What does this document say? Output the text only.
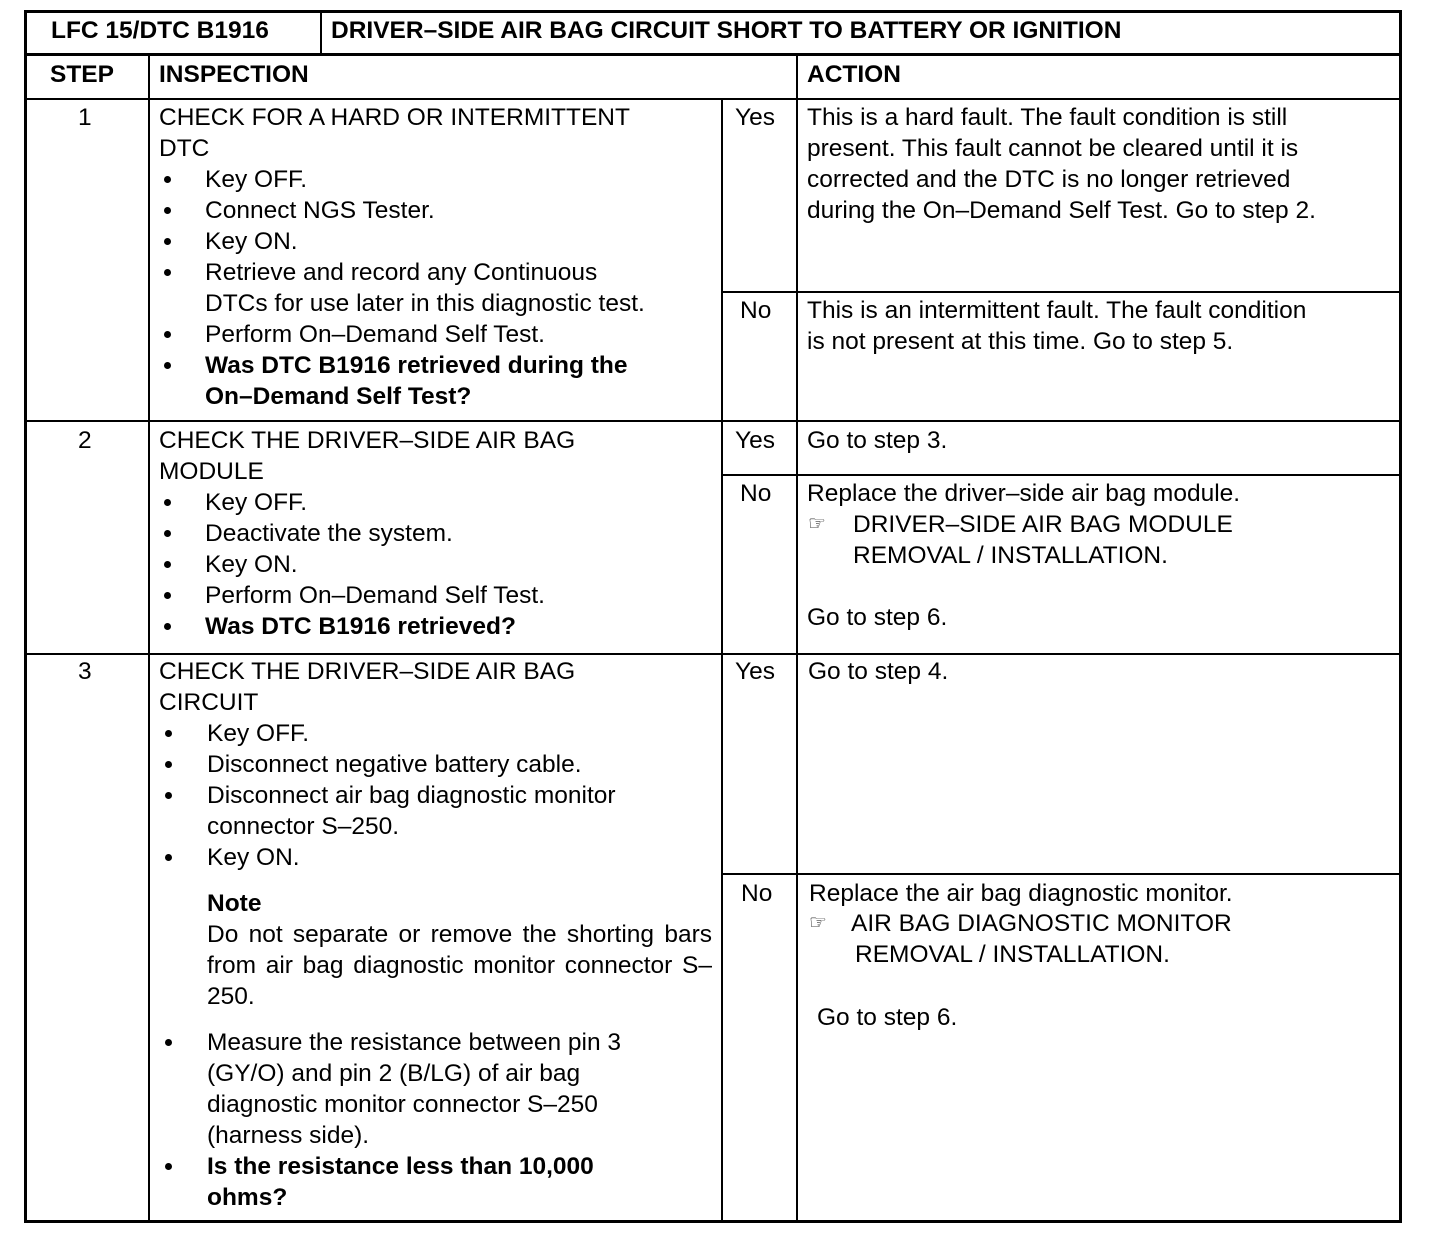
LFC 15/DTC B1916	DRIVER–SIDE AIR BAG CIRCUIT SHORT TO BATTERY OR IGNITION
STEP INSPECTION	ACTION
1	CHECK FOR A HARD OR INTERMITTENT
DTC
Key OFF.
Connect NGS Tester.
Key ON.
Retrieve and record any Continuous
DTCs for use later in this diagnostic test.
Perform On–Demand Self Test.
Was DTC B1916 retrieved during the
On–Demand Self Test?
Yes This is a hard fault. The fault condition is still
present. This fault cannot be cleared until it is
corrected and the DTC is no longer retrieved
during the On–Demand Self Test. Go to step 2.
No This is an intermittent fault. The fault condition
is not present at this time. Go to step 5.
2	CHECK THE DRIVER–SIDE AIR BAG
MODULE
Key OFF.
Deactivate the system.
Key ON.
Perform On–Demand Self Test.
Was DTC B1916 retrieved?
Yes Go to step 3.
No Replace the driver–side air bag module.
☞ DRIVER–SIDE AIR BAG MODULE
REMOVAL / INSTALLATION.
Go to step 6.
3	CHECK THE DRIVER–SIDE AIR BAG
CIRCUIT
Key OFF.
Disconnect negative battery cable.
Disconnect air bag diagnostic monitor
connector S–250.
Key ON.
Note
Do not separate or remove the shorting bars from air bag diagnostic monitor connector S–250.
Measure the resistance between pin 3
(GY/O) and pin 2 (B/LG) of air bag
diagnostic monitor connector S–250
(harness side).
Is the resistance less than 10,000
ohms?
Yes Go to step 4.
No Replace the air bag diagnostic monitor.
☞ AIR BAG DIAGNOSTIC MONITOR
REMOVAL / INSTALLATION.
Go to step 6.
